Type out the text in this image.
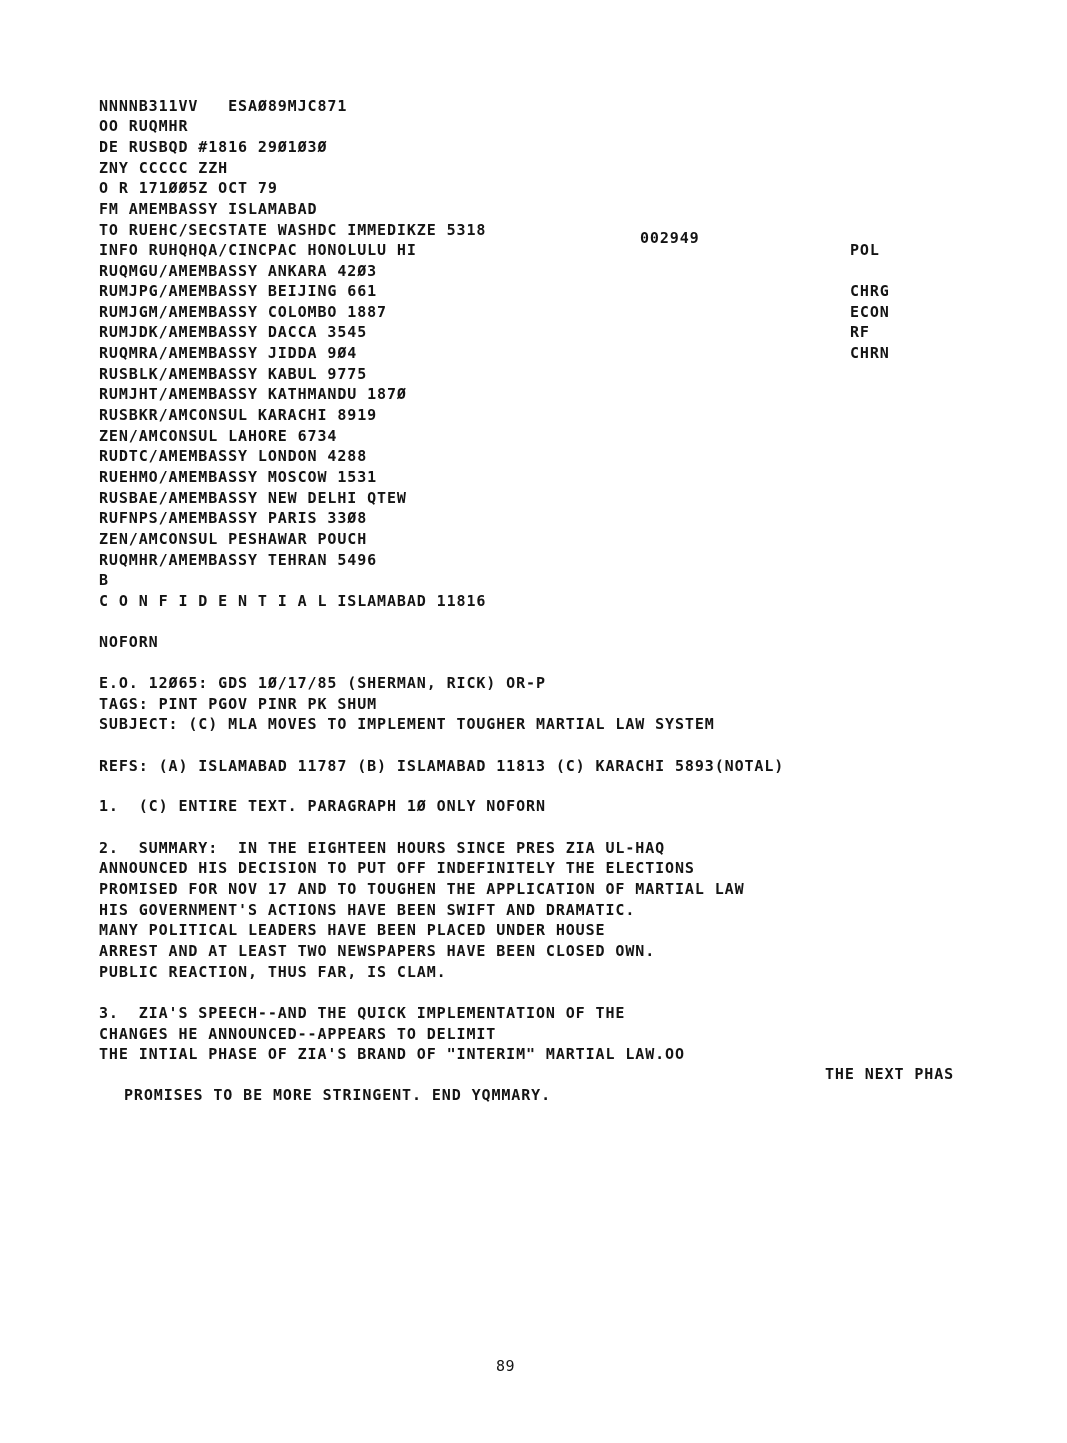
NNNNB311VV   ESAØ89MJC871
OO RUQMHR
DE RUSBQD #1816 29Ø1Ø3Ø
ZNY CCCCC ZZH
O R 171ØØ5Z OCT 79
FM AMEMBASSY ISLAMABAD
TO RUEHC/SECSTATE WASHDC IMMEDIKZE 5318
INFO RUHQHQA/CINCPAC HONOLULU HI
RUQMGU/AMEMBASSY ANKARA 42Ø3
RUMJPG/AMEMBASSY BEIJING 661
RUMJGM/AMEMBASSY COLOMBO 1887
RUMJDK/AMEMBASSY DACCA 3545
RUQMRA/AMEMBASSY JIDDA 9Ø4
RUSBLK/AMEMBASSY KABUL 9775
RUMJHT/AMEMBASSY KATHMANDU 187Ø
RUSBKR/AMCONSUL KARACHI 8919
ZEN/AMCONSUL LAHORE 6734
RUDTC/AMEMBASSY LONDON 4288
RUEHMO/AMEMBASSY MOSCOW 1531
RUSBAE/AMEMBASSY NEW DELHI QTEW
RUFNPS/AMEMBASSY PARIS 33Ø8
ZEN/AMCONSUL PESHAWAR POUCH
RUQMHR/AMEMBASSY TEHRAN 5496
B
C O N F I D E N T I A L ISLAMABAD 11816
002949
POL
CHRG
ECON
RF
CHRN
NOFORN
E.O. 12Ø65: GDS 1Ø/17/85 (SHERMAN, RICK) OR-P
TAGS: PINT PGOV PINR PK SHUM
SUBJECT: (C) MLA MOVES TO IMPLEMENT TOUGHER MARTIAL LAW SYSTEM
REFS: (A) ISLAMABAD 11787 (B) ISLAMABAD 11813 (C) KARACHI 5893(NOTAL)
1.  (C) ENTIRE TEXT. PARAGRAPH 1Ø ONLY NOFORN
2.  SUMMARY:  IN THE EIGHTEEN HOURS SINCE PRES ZIA UL-HAQ
ANNOUNCED HIS DECISION TO PUT OFF INDEFINITELY THE ELECTIONS
PROMISED FOR NOV 17 AND TO TOUGHEN THE APPLICATION OF MARTIAL LAW
HIS GOVERNMENT'S ACTIONS HAVE BEEN SWIFT AND DRAMATIC.
MANY POLITICAL LEADERS HAVE BEEN PLACED UNDER HOUSE
ARREST AND AT LEAST TWO NEWSPAPERS HAVE BEEN CLOSED OWN.
PUBLIC REACTION, THUS FAR, IS CLAM.
3.  ZIA'S SPEECH--AND THE QUICK IMPLEMENTATION OF THE
CHANGES HE ANNOUNCED--APPEARS TO DELIMIT
THE INTIAL PHASE OF ZIA'S BRAND OF "INTERIM" MARTIAL LAW.OO
THE NEXT PHAS
PROMISES TO BE MORE STRINGENT. END YQMMARY.
89
